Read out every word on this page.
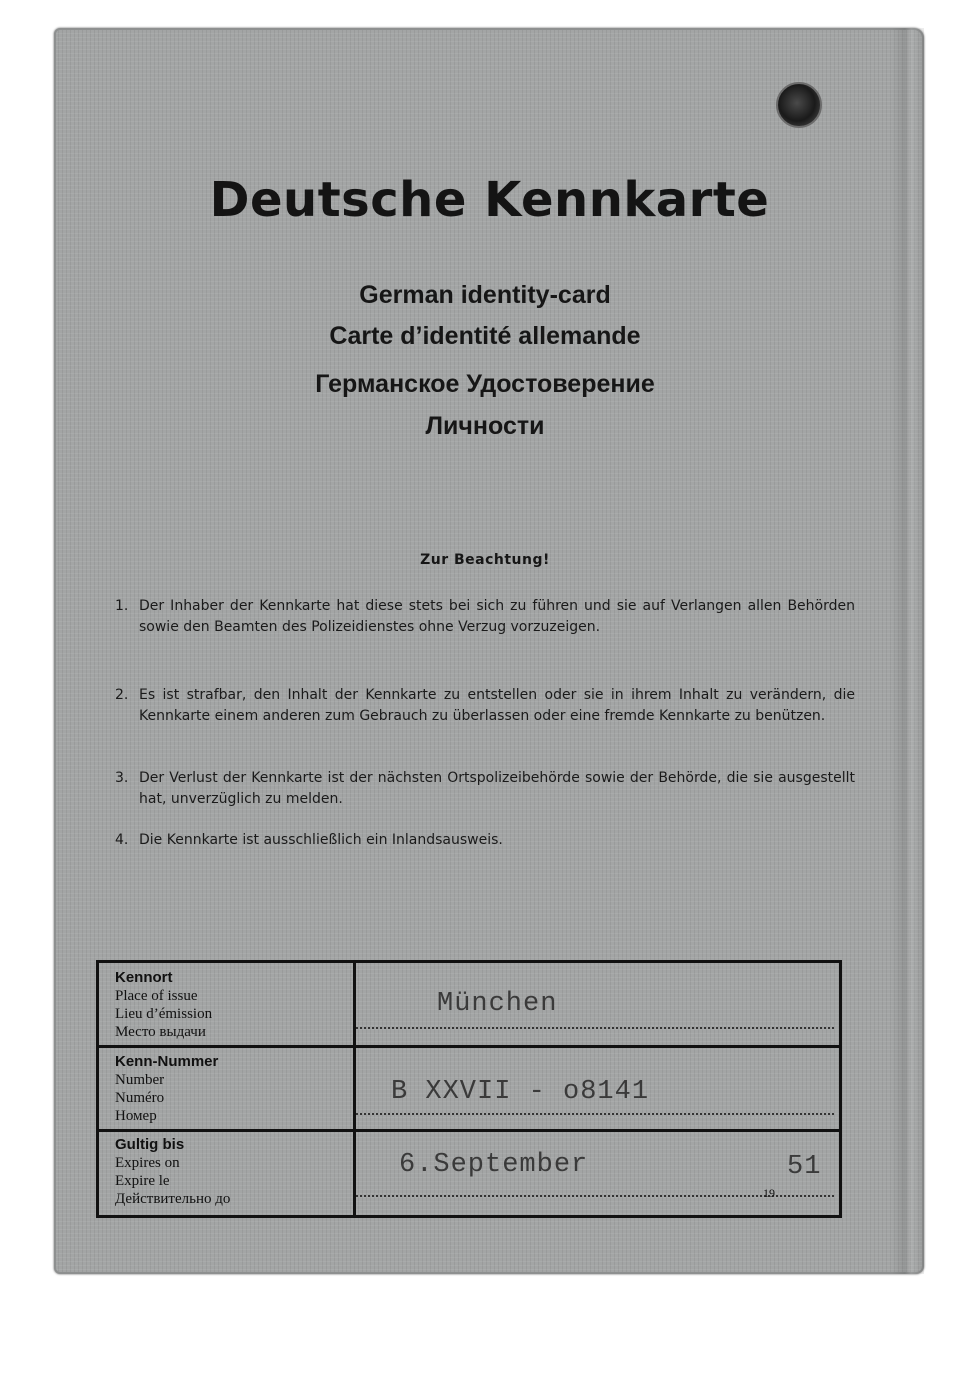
Deutsche Kennkarte
German identity-card
Carte d’identité allemande
Германское Удостоверение
Личности
Zur Beachtung!
1. Der Inhaber der Kennkarte hat diese stets bei sich zu führen und sie auf Verlangen allen Behörden sowie den Beamten des Polizeidienstes ohne Verzug vorzuzeigen.
2. Es ist strafbar, den Inhalt der Kennkarte zu entstellen oder sie in ihrem Inhalt zu verändern, die Kennkarte einem anderen zum Gebrauch zu überlassen oder eine fremde Kennkarte zu benützen.
3. Der Verlust der Kennkarte ist der nächsten Ortspolizeibehörde sowie der Behörde, die sie ausgestellt hat, unverzüglich zu melden.
4. Die Kennkarte ist ausschließlich ein Inlandsausweis.
Kennort
Place of issue
Lieu d’émission
Место выдачи
München
Kenn-Nummer
Number
Numéro
Номер
B XXVII - o8141
Gultig bis
Expires on
Expire le
Действительно до
6.September	51
19
